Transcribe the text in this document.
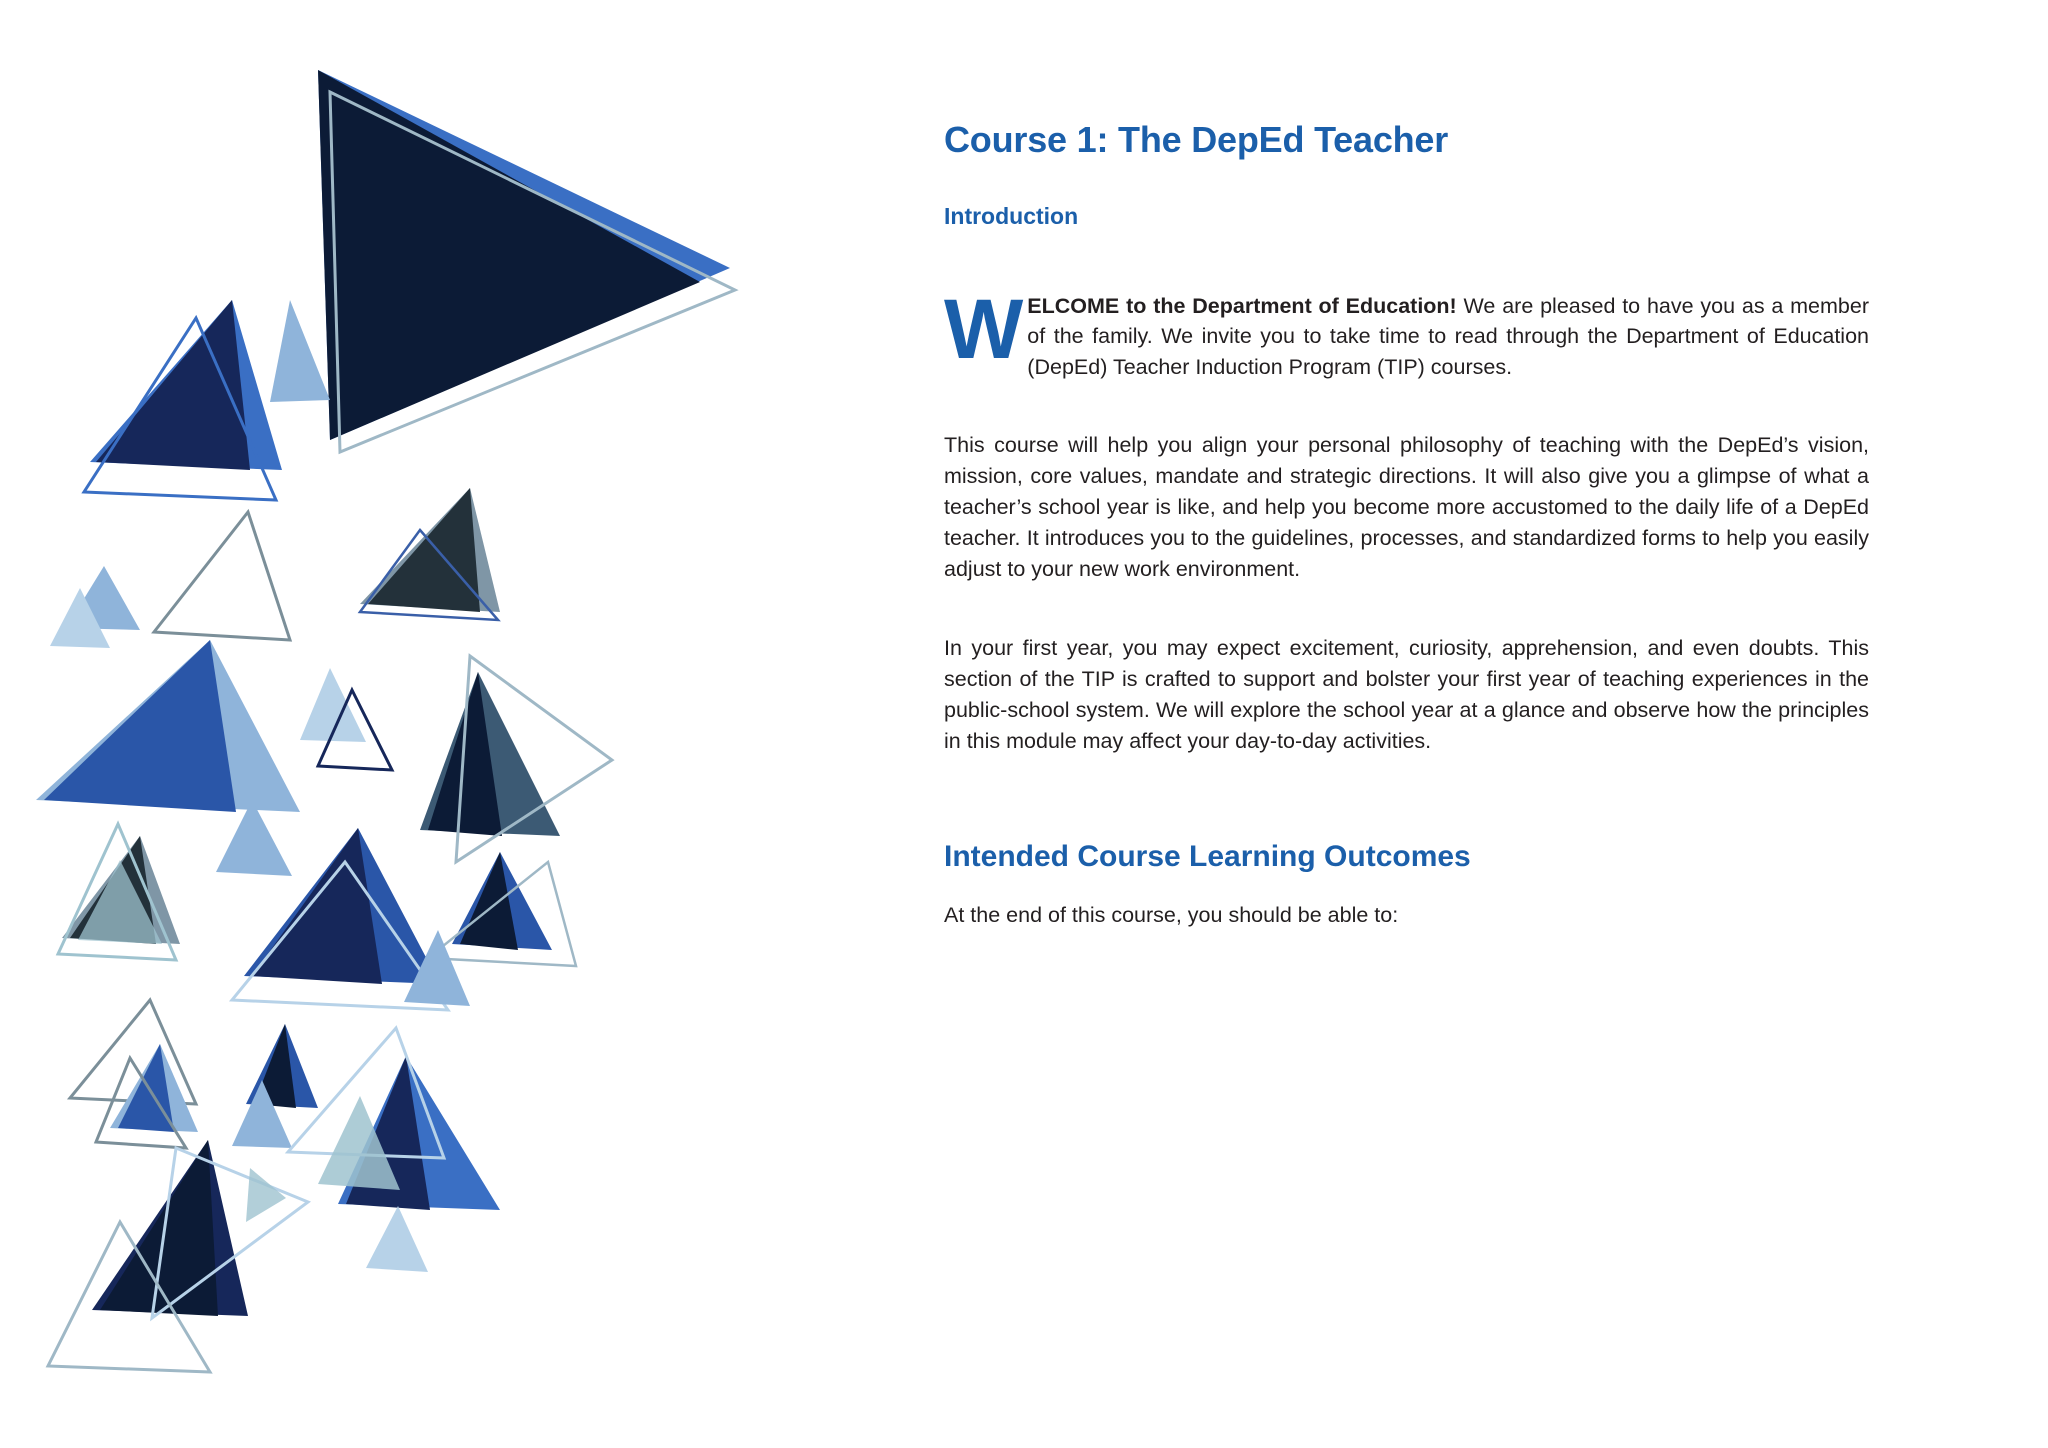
Course 1: The DepEd Teacher
Introduction

WELCOME to the Department of Education! We are pleased to have you as a member of the family. We invite you to take time to read through the Department of Education (DepEd) Teacher Induction Program (TIP) courses.

This course will help you align your personal philosophy of teaching with the DepEd’s vision, mission, core values, mandate and strategic directions. It will also give you a glimpse of what a teacher’s school year is like, and help you become more accustomed to the daily life of a DepEd teacher. It introduces you to the guidelines, processes, and standardized forms to help you easily adjust to your new work environment.

In your first year, you may expect excitement, curiosity, apprehension, and even doubts. This section of the TIP is crafted to support and bolster your first year of teaching experiences in the public-school system. We will explore the school year at a glance and observe how the principles in this module may affect your day-to-day activities.

Intended Course Learning Outcomes

At the end of this course, you should be able to:
